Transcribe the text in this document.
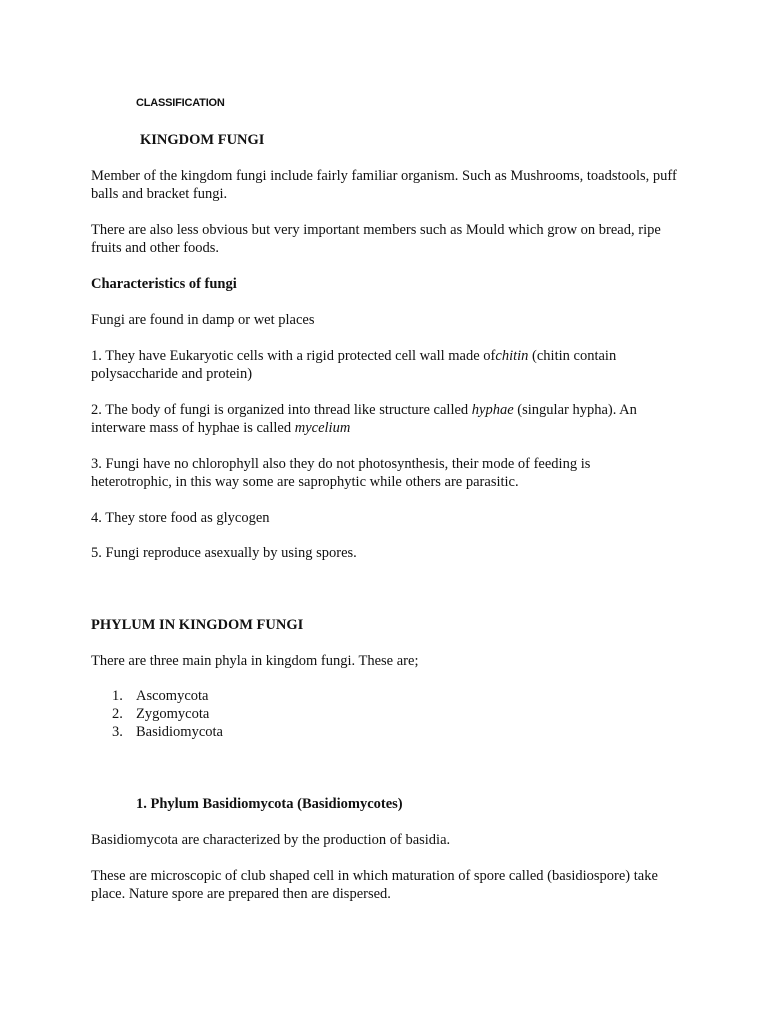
CLASSIFICATION
KINGDOM FUNGI

Member of the kingdom fungi include fairly familiar organism. Such as Mushrooms, toadstools, puff balls and bracket fungi.

There are also less obvious but very important members such as Mould which grow on bread, ripe fruits and other foods.

Characteristics of fungi

Fungi are found in damp or wet places

1. They have Eukaryotic cells with a rigid protected cell wall made ofchitin (chitin contain polysaccharide and protein)

2. The body of fungi is organized into thread like structure called hyphae (singular hypha). An interware mass of hyphae is called mycelium

3. Fungi have no chlorophyll also they do not photosynthesis, their mode of feeding is heterotrophic, in this way some are saprophytic while others are parasitic.

4. They store food as glycogen

5. Fungi reproduce asexually by using spores.

PHYLUM IN KINGDOM FUNGI

There are three main phyla in kingdom fungi. These are;

1. Ascomycota
2. Zygomycota
3. Basidiomycota

1. Phylum Basidiomycota (Basidiomycotes)

Basidiomycota are characterized by the production of basidia.

These are microscopic of club shaped cell in which maturation of spore called (basidiospore) take place. Nature spore are prepared then are dispersed.
